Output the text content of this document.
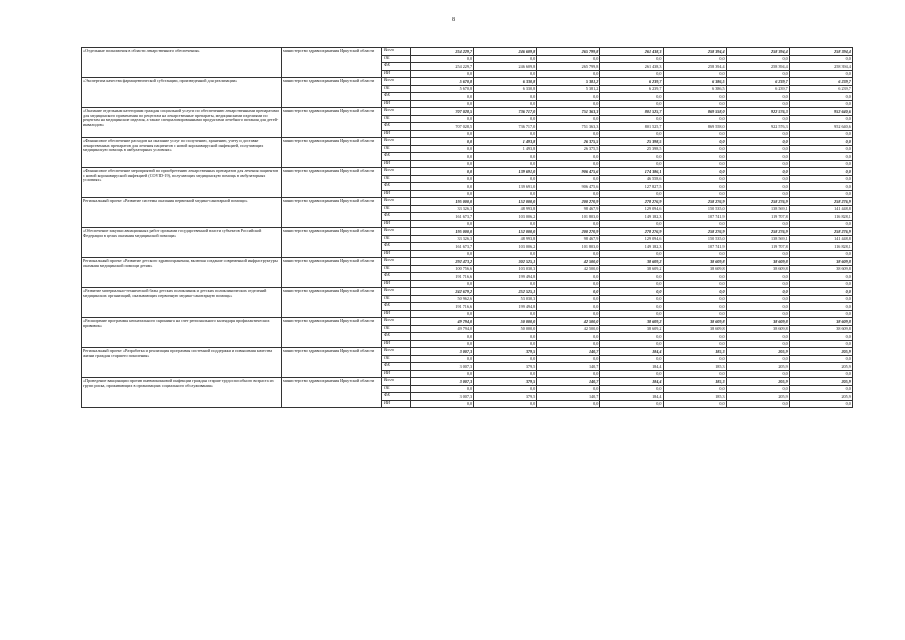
8
«Отдельные полномочия в области лекарственного обеспечения»	министерство здравоохранения Иркутской области	Всего	254 229,7	246 609,8	265 799,8	261 438,3	258 394,4	258 394,4	258 394,4
		ОБ	0,0	0,0	0,0	0,0	0,0	0,0	0,0
		ФБ	254 229,7	246 609,8	265 799,8	261 438,3	258 394,4	258 394,4	258 394,4
		ИИ	0,0	0,0	0,0	0,0	0,0	0,0	0,0
«Экспертиза качества фармацевтической субстанции, произведенной для реализации»	министерство здравоохранения Иркутской области	Всего	5 670,8	6 330,8	5 381,2	6 239,7	6 386,5	6 239,7	6 239,7
		ОБ	5 670,8	6 330,8	5 381,2	6 239,7	6 386,5	6 239,7	6 239,7
		ФБ	0,0	0,0	0,0	0,0	0,0	0,0	0,0
		ИИ	0,0	0,0	0,0	0,0	0,0	0,0	0,0
«Оказание отдельным категориям граждан социальной услуги по обеспечению лекарственными препаратами для медицинского применения по рецептам на лекарственные препараты, медицинскими изделиями по рецептам на медицинские изделия, а также специализированными продуктами лечебного питания для детей-инвалидов»	министерство здравоохранения Иркутской области	Всего	707 028,5	736 717,0	751 363,3	801 525,7	869 558,0	922 576,3	952 640,6
		ОБ	0,0	0,0	0,0	0,0	0,0	0,0	0,0
		ФБ	707 028,5	736 717,0	751 363,3	801 525,7	869 558,0	922 576,3	952 640,6
		ИИ	0,0	0,0	0,0	0,0	0,0	0,0	0,0
«Финансовое обеспечение расходов на оказание услуг по получению, хранению, учету и доставке лекарственных препаратов для лечения пациентов с новой коронавирусной инфекцией, получающих медицинскую помощь в амбулаторных условиях»	министерство здравоохранения Иркутской области	Всего	0,0	1 493,8	26 375,5	25 398,5	0,0	0,0	0,0
		ОБ	0,0	1 493,8	26 375,5	25 398,5	0,0	0,0	0,0
		ФБ	0,0	0,0	0,0	0,0	0,0	0,0	0,0
		ИИ	0,0	0,0	0,0	0,0	0,0	0,0	0,0
«Финансовое обеспечение мероприятий по приобретению лекарственных препаратов для лечения пациентов с новой коронавирусной инфекцией (COVID-19), получающих медицинскую помощь в амбулаторных условиях»	министерство здравоохранения Иркутской области	Всего	0,0	139 691,0	906 475,6	174 386,1	0,0	0,0	0,0
		ОБ	0,0	0,0	0,0	46 558,6	0,0	0,0	0,0
		ФБ	0,0	139 691,0	906 475,6	127 827,5	0,0	0,0	0,0
		ИИ	0,0	0,0	0,0	0,0	0,0	0,0	0,0
Региональный проект «Развитие системы оказания первичной медико-санитарной помощи»	министерство здравоохранения Иркутской области	Всего	195 000,0	152 000,0	200 270,9	278 276,9	258 276,9	258 276,9	258 276,9
		ОБ	33 326,3	48 993,8	98 467,9	129 094,6	150 535,0	138 569,1	141 448,8
		ФБ	161 673,7	103 006,2	101 803,0	149 182,3	107 741,9	119 707,8	116 828,1
		ИИ	0,0	0,0	0,0	0,0	0,0	0,0	0,0
«Обеспечение закупки авиационных работ органами государственной власти субъектов Российской Федерации в целях оказания медицинской помощи»	министерство здравоохранения Иркутской области	Всего	195 000,0	152 000,0	200 270,9	278 276,9	258 276,9	258 276,9	258 276,9
		ОБ	33 326,3	48 993,8	98 467,9	129 094,6	150 535,0	138 569,1	141 448,8
		ФБ	161 673,7	103 006,2	101 803,0	149 182,3	107 741,9	119 707,8	116 828,1
		ИИ	0,0	0,0	0,0	0,0	0,0	0,0	0,0
Региональный проект «Развитие детского здравоохранения, включая создание современной инфраструктуры оказания медицинской помощи детям»	министерство здравоохранения Иркутской области	Всего	292 473,2	302 525,1	42 500,0	38 609,2	38 609,8	38 609,8	38 609,8
		ОБ	100 756,6	103 030,3	42 500,0	38 609,2	38 609,8	38 609,8	38 609,8
		ФБ	191 716,6	199 494,8	0,0	0,0	0,0	0,0	0,0
		ИИ	0,0	0,0	0,0	0,0	0,0	0,0	0,0
«Развитие материально-технической базы детских поликлиник и детских поликлинических отделений медицинских организаций, оказывающих первичную медико-санитарную помощь»	министерство здравоохранения Иркутской области	Всего	242 679,2	252 525,1	0,0	0,0	0,0	0,0	0,0
		ОБ	50 962,6	53 030,3	0,0	0,0	0,0	0,0	0,0
		ФБ	191 716,6	199 494,8	0,0	0,0	0,0	0,0	0,0
		ИИ	0,0	0,0	0,0	0,0	0,0	0,0	0,0
«Расширение программы неонатального скрининга на счет регионального календаря профилактических прививок»	министерство здравоохранения Иркутской области	Всего	49 794,0	50 000,0	42 500,0	38 609,2	38 609,8	38 609,8	38 609,8
		ОБ	49 794,0	50 000,0	42 500,0	38 609,2	38 609,8	38 609,8	38 609,8
		ФБ	0,0	0,0	0,0	0,0	0,0	0,0	0,0
		ИИ	0,0	0,0	0,0	0,0	0,0	0,0	0,0
Региональный проект «Разработка и реализация программы системной поддержки и повышения качества жизни граждан старшего поколения»	министерство здравоохранения Иркутской области	Всего	3 007,3	379,5	140,7	184,4	185,3	205,9	205,9
		ОБ	0,0	0,0	0,0	0,0	0,0	0,0	0,0
		ФБ	3 007,3	379,5	140,7	184,4	185,3	205,9	205,9
		ИИ	0,0	0,0	0,0	0,0	0,0	0,0	0,0
«Проведение вакцинации против пневмококковой инфекции граждан старше трудоспособного возраста из групп риска, проживающих в организациях социального обслуживания»	министерство здравоохранения Иркутской области	Всего	3 007,3	379,5	140,7	184,4	185,3	205,9	205,9
		ОБ	0,0	0,0	0,0	0,0	0,0	0,0	0,0
		ФБ	3 007,3	379,5	140,7	184,4	185,3	205,9	205,9
		ИИ	0,0	0,0	0,0	0,0	0,0	0,0	0,0
